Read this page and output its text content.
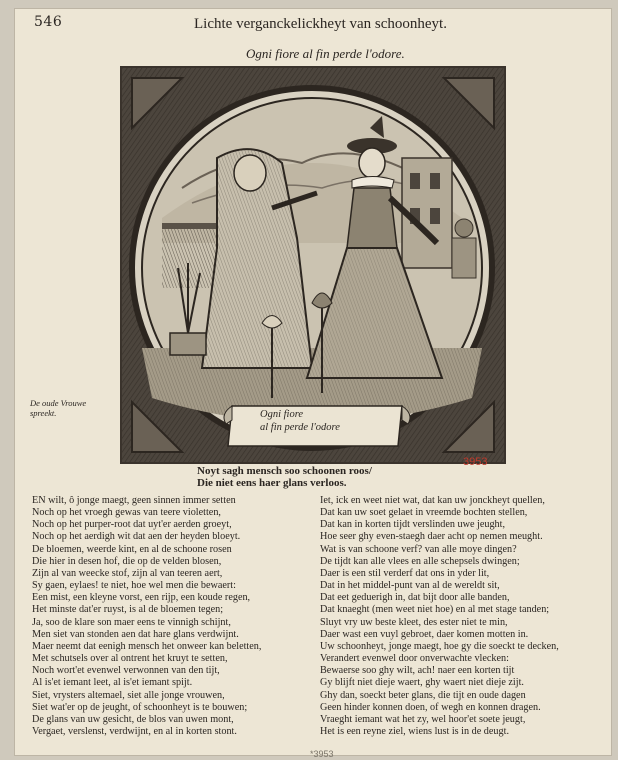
546	Lichte verganckelickheyt van schoonheyt.
Ogni fiore al fin perde l'odore.
Ogni fiore
al fin perde l'odore
De oude Vrouwe spreekt.
3953
Noyt sagh mensch soo schoonen roos/
Die niet eens haer glans verloos.
EN wilt, ô jonge maegt, geen sinnen immer setten
Noch op het vroegh gewas van teere violetten,
Noch op het purper-root dat uyt'er aerden groeyt,
Noch op het aerdigh wit dat aen der heyden bloeyt.
De bloemen, weerde kint, en al de schoone rosen
Die hier in desen hof, die op de velden blosen,
Zijn al van weecke stof, zijn al van teeren aert,
Sy gaen, eylaes! te niet, hoe wel men die bewaert:
Een mist, een kleyne vorst, een rijp, een koude regen,
Het minste dat'er ruyst, is al de bloemen tegen;
Ja, soo de klare son maer eens te vinnigh schijnt,
Men siet van stonden aen dat hare glans verdwijnt.
Maer neemt dat eenigh mensch het onweer kan beletten,
Met schutsels over al ontrent het kruyt te setten,
Noch wort'et evenwel verwonnen van den tijt,
Al is'et iemant leet, al is'et iemant spijt.
Siet, vrysters altemael, siet alle jonge vrouwen,
Siet wat'er op de jeught, of schoonheyt is te bouwen;
De glans van uw gesicht, de blos van uwen mont,
Vergaet, verslenst, verdwijnt, en al in korten stont.
Iet, ick en weet niet wat, dat kan uw jonckheyt quellen,
Dat kan uw soet gelaet in vreemde bochten stellen,
Dat kan in korten tijdt verslinden uwe jeught,
Hoe seer ghy even-staegh daer acht op nemen meught.
Wat is van schoone verf? van alle moye dingen?
De tijdt kan alle vlees en alle schepsels dwingen;
Daer is een stil verderf dat ons in yder lit,
Dat in het middel-punt van al de wereldt sit,
Dat eet geduerigh in, dat bijt door alle banden,
Dat knaeght (men weet niet hoe) en al met stage tanden;
Sluyt vry uw beste kleet, des ester niet te min,
Daer wast een vuyl gebroet, daer komen motten in.
Uw schoonheyt, jonge maegt, hoe gy die soeckt te decken,
Verandert evenwel door onverwachte vlecken:
Bewaerse soo ghy wilt, ach! naer een korten tijt
Gy blijft niet dieje waert, ghy waert niet dieje zijt.
Ghy dan, soeckt beter glans, die tijt en oude dagen
Geen hinder konnen doen, of wegh en konnen dragen.
Vraeght iemant wat het zy, wel hoor'et soete jeugt,
Het is een reyne ziel, wiens lust is in de deugt.
*3953
